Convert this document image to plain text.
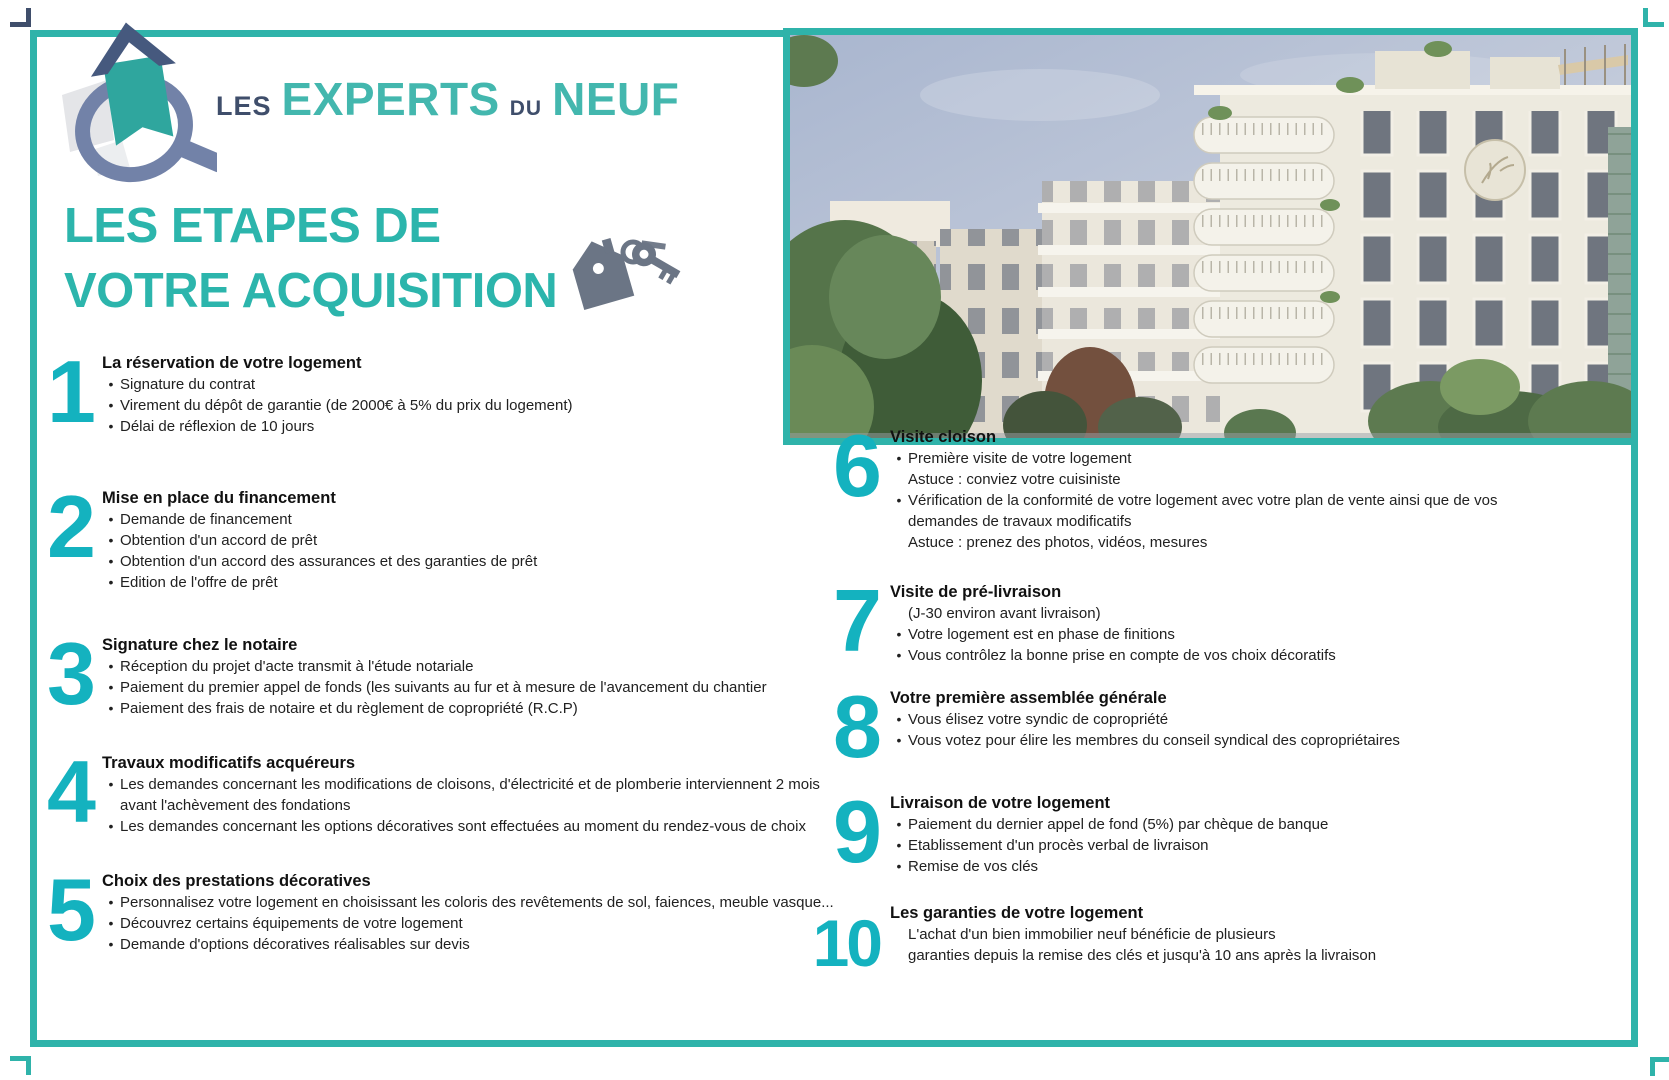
LES EXPERTS DU NEUF
LES ETAPES DE
VOTRE ACQUISITION
1 La réservation de votre logement
• Signature du contrat
• Virement du dépôt de garantie (de 2000€ à 5% du prix du logement)
• Délai de réflexion de 10 jours
2 Mise en place du financement
• Demande de financement
• Obtention d'un accord de prêt
• Obtention d'un accord des assurances et des garanties de prêt
• Edition de l'offre de prêt
3 Signature chez le notaire
• Réception du projet d'acte transmit à l'étude notariale
• Paiement du premier appel de fonds (les suivants au fur et à mesure de l'avancement du chantier
• Paiement des frais de notaire et du règlement de copropriété (R.C.P)
4 Travaux modificatifs acquéreurs
• Les demandes concernant les modifications de cloisons, d'électricité et de plomberie interviennent 2 mois avant l'achèvement des fondations
• Les demandes concernant les options décoratives sont effectuées au moment du rendez-vous de choix
5 Choix des prestations décoratives
• Personnalisez votre logement en choisissant les coloris des revêtements de sol, faiences, meuble vasque...
• Découvrez certains équipements de votre logement
• Demande d'options décoratives réalisables sur devis
6 Visite cloison
• Première visite de votre logement
Astuce : conviez votre cuisiniste
• Vérification de la conformité de votre logement avec votre plan de vente ainsi que de vos demandes de travaux modificatifs
Astuce : prenez des photos, vidéos, mesures
7 Visite de pré-livraison
(J-30 environ avant livraison)
• Votre logement est en phase de finitions
• Vous contrôlez la bonne prise en compte de vos choix décoratifs
8 Votre première assemblée générale
• Vous élisez votre syndic de copropriété
• Vous votez pour élire les membres du conseil syndical des copropriétaires
9 Livraison de votre logement
• Paiement du dernier appel de fond (5%) par chèque de banque
• Etablissement d'un procès verbal de livraison
• Remise de vos clés
10 Les garanties de votre logement
L'achat d'un bien immobilier neuf bénéficie de plusieurs
garanties depuis la remise des clés et jusqu'à 10 ans après la livraison
